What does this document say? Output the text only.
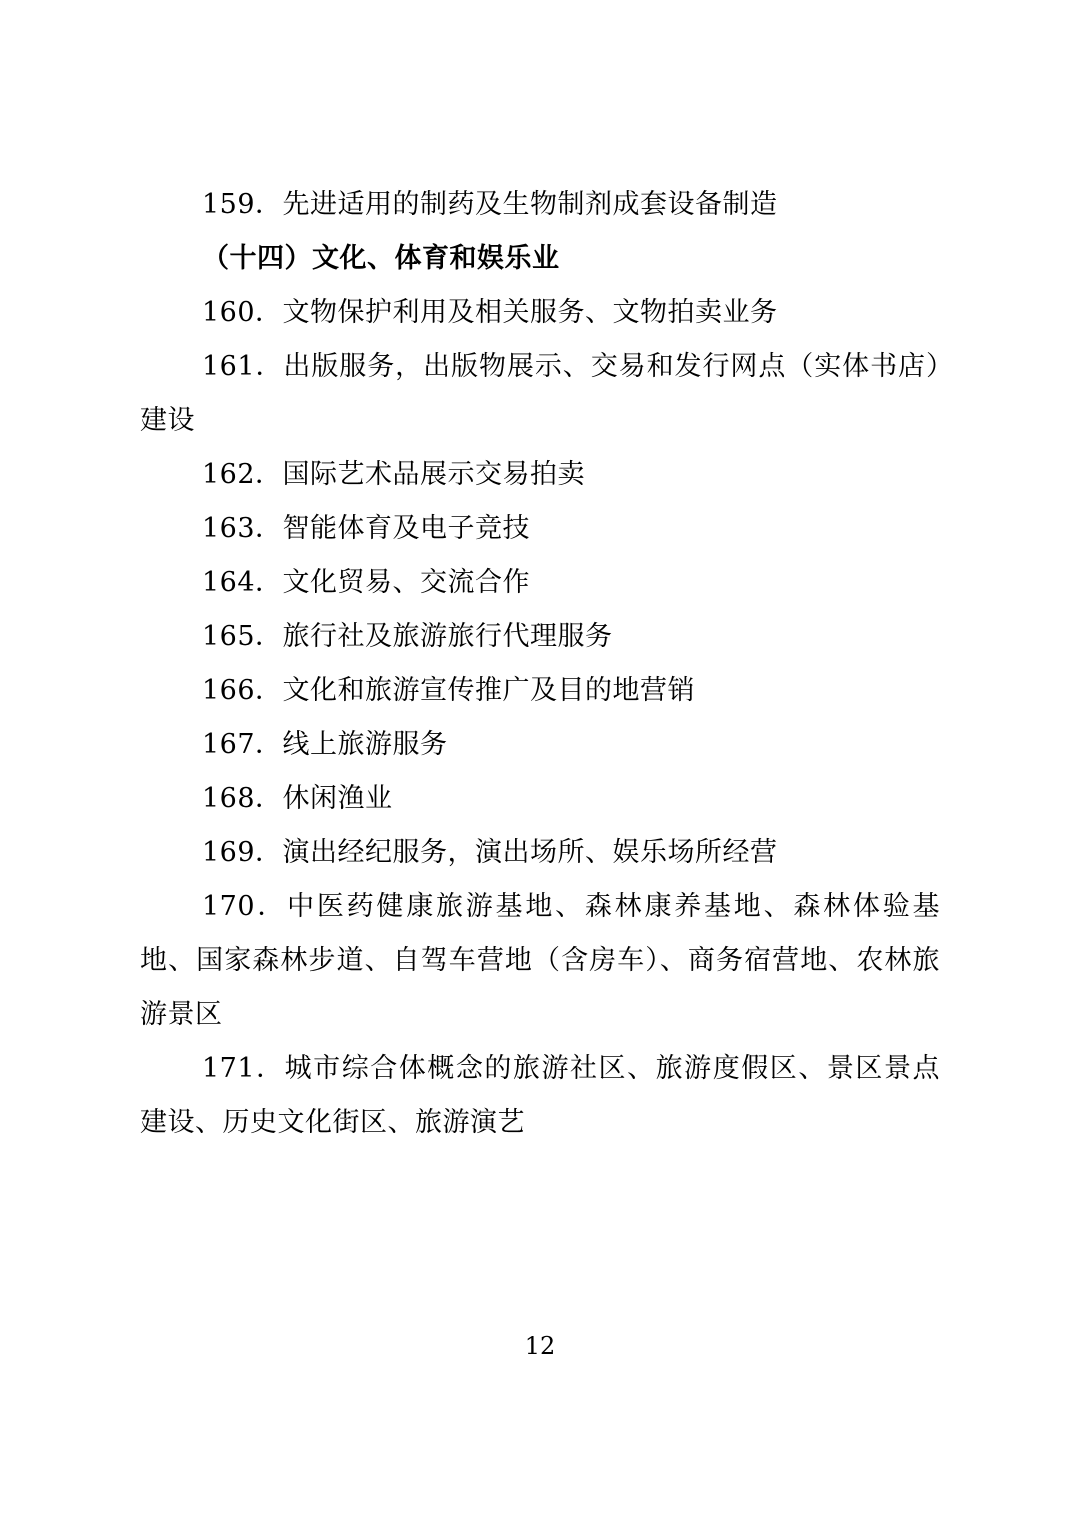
159．先进适用的制药及生物制剂成套设备制造

（十四）文化、体育和娱乐业

160．文物保护利用及相关服务、文物拍卖业务

161．出版服务，出版物展示、交易和发行网点（实体书店）建设

162．国际艺术品展示交易拍卖

163．智能体育及电子竞技

164．文化贸易、交流合作

165．旅行社及旅游旅行代理服务

166．文化和旅游宣传推广及目的地营销

167．线上旅游服务

168．休闲渔业

169．演出经纪服务，演出场所、娱乐场所经营

170．中医药健康旅游基地、森林康养基地、森林体验基地、国家森林步道、自驾车营地（含房车）、商务宿营地、农林旅游景区

171．城市综合体概念的旅游社区、旅游度假区、景区景点建设、历史文化街区、旅游演艺

12
